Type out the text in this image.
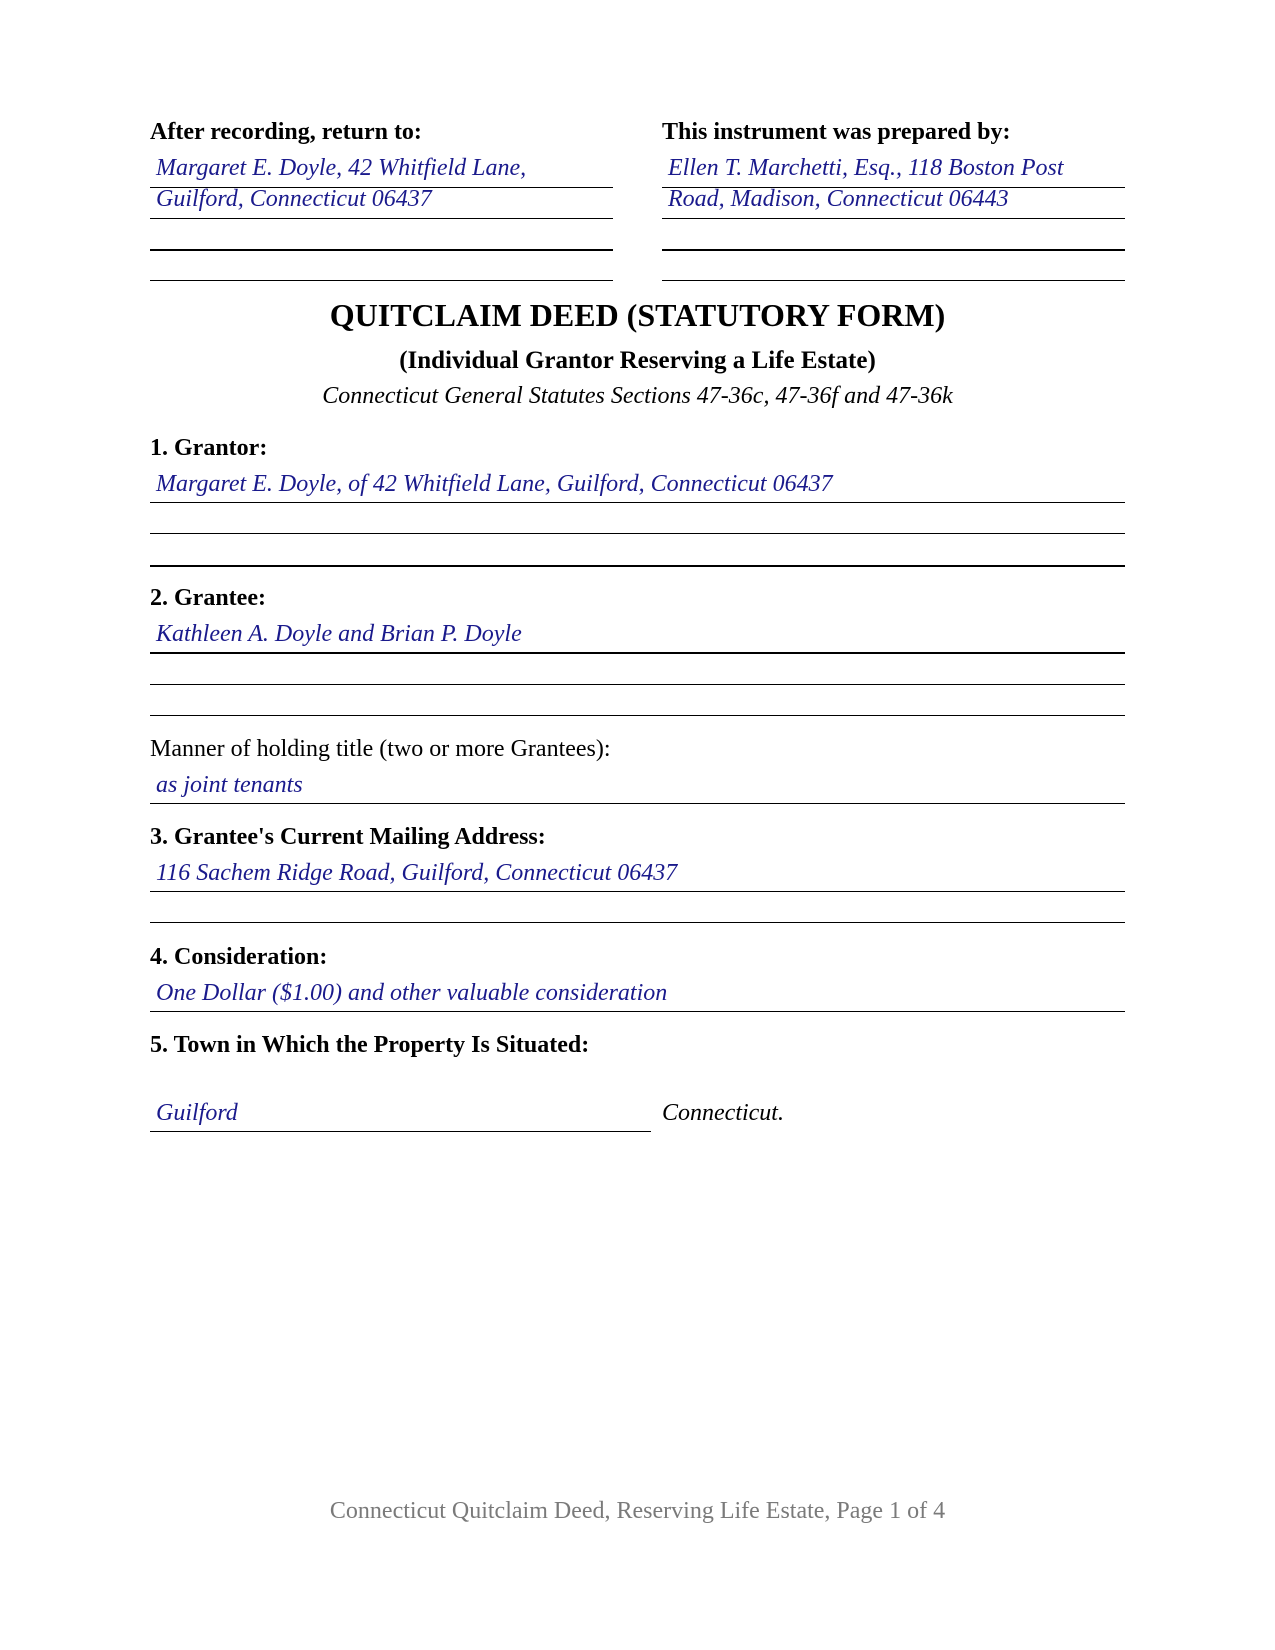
After recording, return to:
Margaret E. Doyle, 42 Whitfield Lane,
Guilford, Connecticut 06437
This instrument was prepared by:
Ellen T. Marchetti, Esq., 118 Boston Post
Road, Madison, Connecticut 06443
QUITCLAIM DEED (STATUTORY FORM)
(Individual Grantor Reserving a Life Estate)
Connecticut General Statutes Sections 47-36c, 47-36f and 47-36k
1. Grantor:
Margaret E. Doyle, of 42 Whitfield Lane, Guilford, Connecticut 06437
2. Grantee:
Kathleen A. Doyle and Brian P. Doyle
Manner of holding title (two or more Grantees):
as joint tenants
3. Grantee's Current Mailing Address:
116 Sachem Ridge Road, Guilford, Connecticut 06437
4. Consideration:
One Dollar ($1.00) and other valuable consideration
5. Town in Which the Property Is Situated:
Guilford	Connecticut.
Connecticut Quitclaim Deed, Reserving Life Estate, Page 1 of 4
